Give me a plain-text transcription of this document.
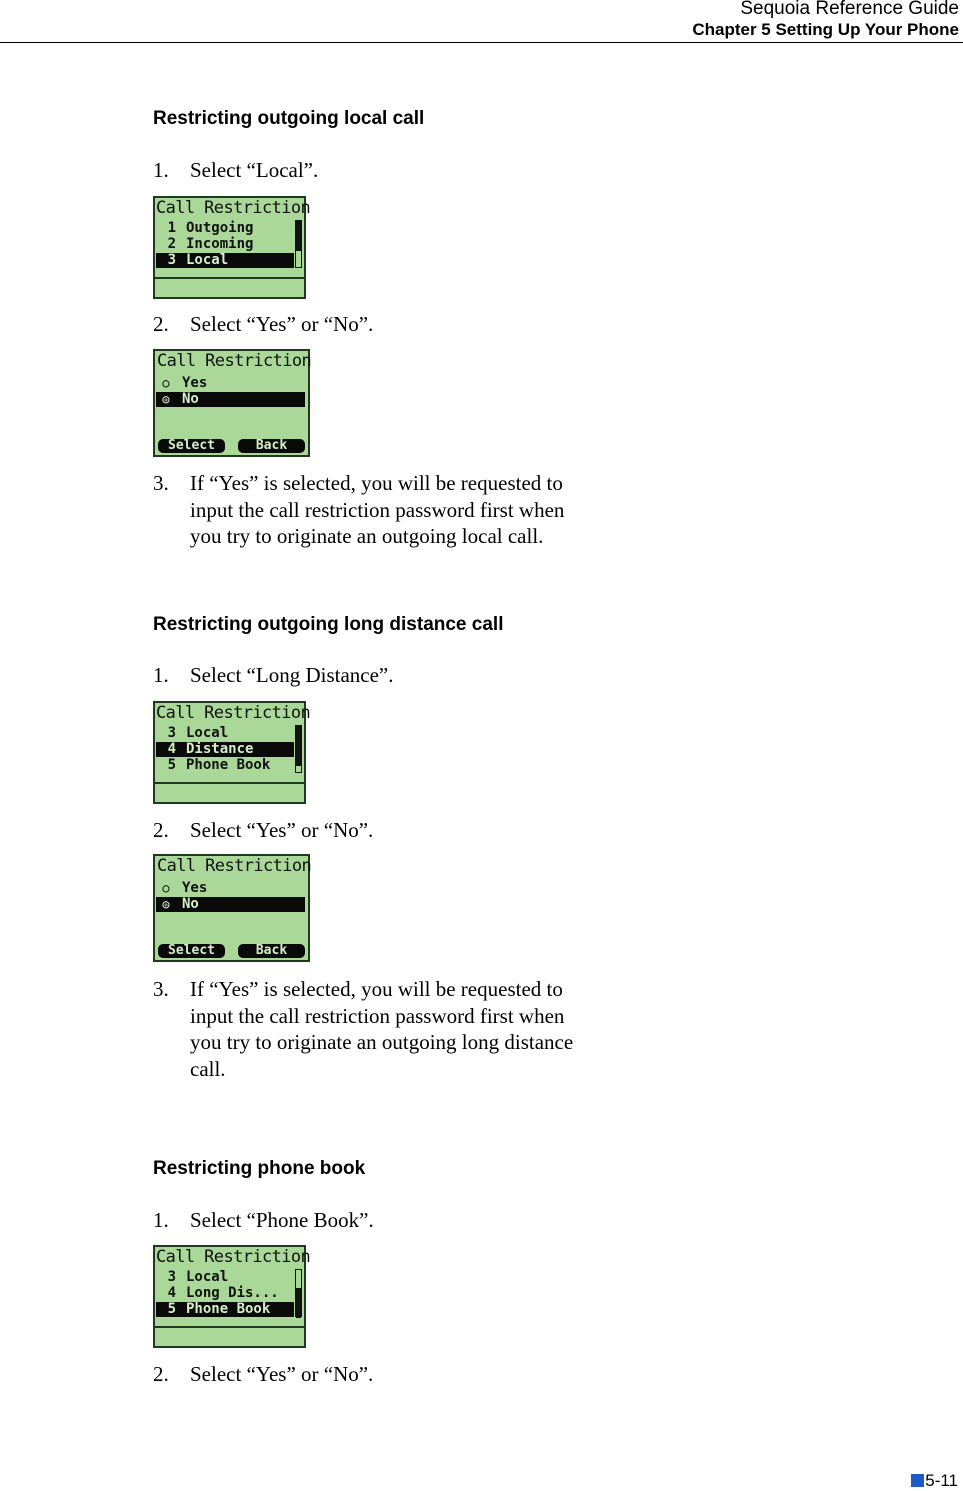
Sequoia Reference Guide
Chapter 5 Setting Up Your Phone
Restricting outgoing local call
1. Select “Local”.
Call Restriction
1 Outgoing
2 Incoming
3 Local
2. Select “Yes” or “No”.
Call Restriction
○ Yes
◎ No
Select	Back
3. If “Yes” is selected, you will be requested to input the call restriction password first when you try to originate an outgoing local call.
Restricting outgoing long distance call
1. Select “Long Distance”.
Call Restriction
3 Local
4 Distance
5 Phone Book
2. Select “Yes” or “No”.
Call Restriction
○ Yes
◎ No
Select	Back
3. If “Yes” is selected, you will be requested to input the call restriction password first when you try to originate an outgoing long distance call.
Restricting phone book
1. Select “Phone Book”.
Call Restriction
3 Local
4 Long Dis...
5 Phone Book
2. Select “Yes” or “No”.
5-11
